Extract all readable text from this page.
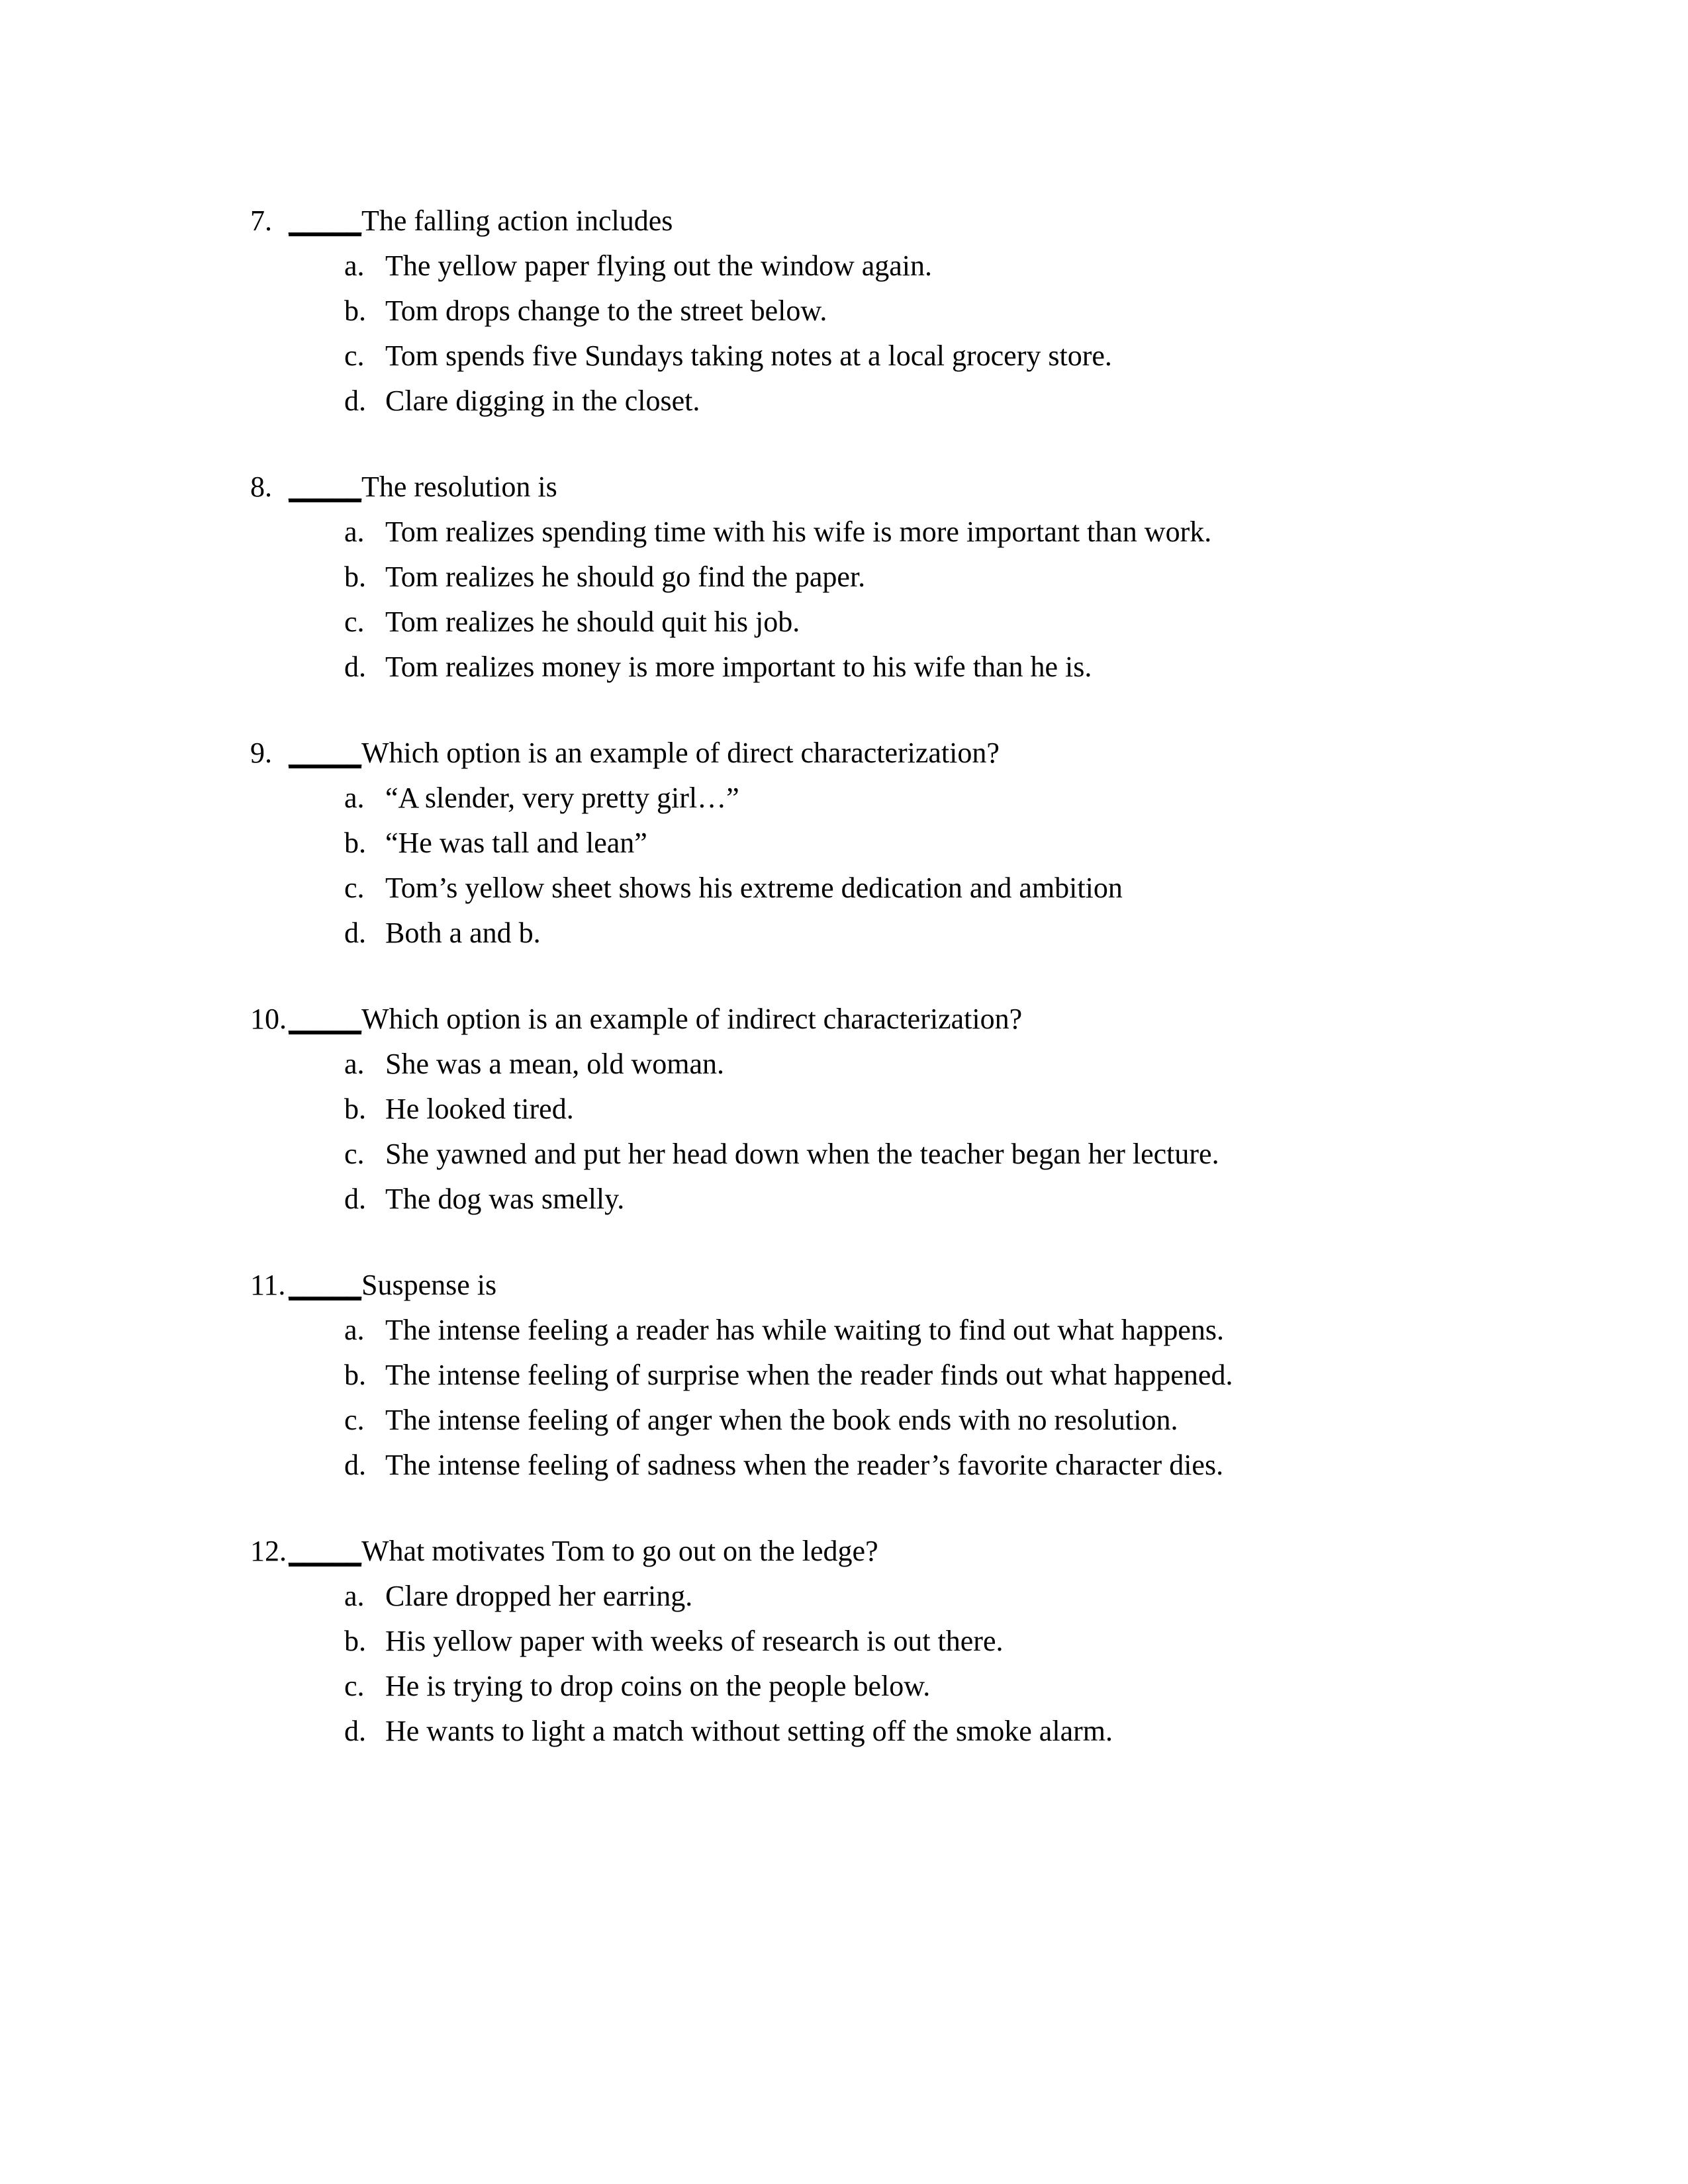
7. _____ The falling action includes
a. The yellow paper flying out the window again.
b. Tom drops change to the street below.
c. Tom spends five Sundays taking notes at a local grocery store.
d. Clare digging in the closet.
8. _____ The resolution is
a. Tom realizes spending time with his wife is more important than work.
b. Tom realizes he should go find the paper.
c. Tom realizes he should quit his job.
d. Tom realizes money is more important to his wife than he is.
9. _____ Which option is an example of direct characterization?
a. “A slender, very pretty girl…”
b. “He was tall and lean”
c. Tom’s yellow sheet shows his extreme dedication and ambition
d. Both a and b.
10. _____ Which option is an example of indirect characterization?
a. She was a mean, old woman.
b. He looked tired.
c. She yawned and put her head down when the teacher began her lecture.
d. The dog was smelly.
11. _____ Suspense is
a. The intense feeling a reader has while waiting to find out what happens.
b. The intense feeling of surprise when the reader finds out what happened.
c. The intense feeling of anger when the book ends with no resolution.
d. The intense feeling of sadness when the reader’s favorite character dies.
12. _____ What motivates Tom to go out on the ledge?
a. Clare dropped her earring.
b. His yellow paper with weeks of research is out there.
c. He is trying to drop coins on the people below.
d. He wants to light a match without setting off the smoke alarm.
